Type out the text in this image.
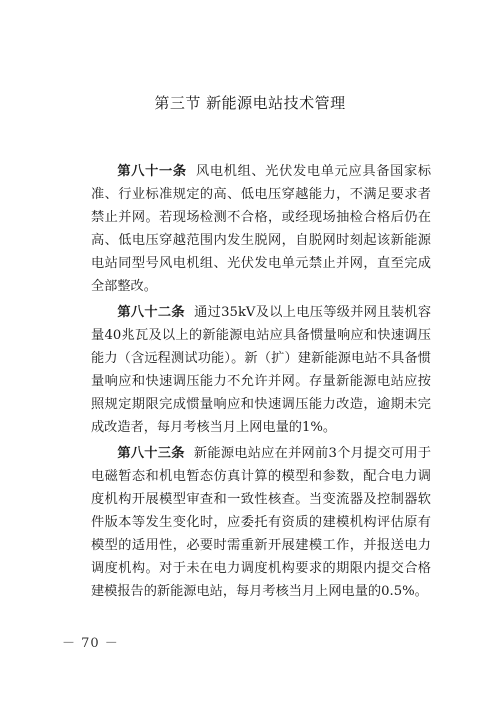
第三节 新能源电站技术管理

第八十一条 风电机组、光伏发电单元应具备国家标准、行业标准规定的高、低电压穿越能力，不满足要求者禁止并网。若现场检测不合格，或经现场抽检合格后仍在高、低电压穿越范围内发生脱网，自脱网时刻起该新能源电站同型号风电机组、光伏发电单元禁止并网，直至完成全部整改。

第八十二条 通过35kV及以上电压等级并网且装机容量40兆瓦及以上的新能源电站应具备惯量响应和快速调压能力（含远程测试功能）。新（扩）建新能源电站不具备惯量响应和快速调压能力不允许并网。存量新能源电站应按照规定期限完成惯量响应和快速调压能力改造，逾期未完成改造者，每月考核当月上网电量的1%。

第八十三条 新能源电站应在并网前3个月提交可用于电磁暂态和机电暂态仿真计算的模型和参数，配合电力调度机构开展模型审查和一致性核查。当变流器及控制器软件版本等发生变化时，应委托有资质的建模机构评估原有模型的适用性，必要时需重新开展建模工作，并报送电力调度机构。对于未在电力调度机构要求的期限内提交合格建模报告的新能源电站，每月考核当月上网电量的0.5%。

－ 70 －
